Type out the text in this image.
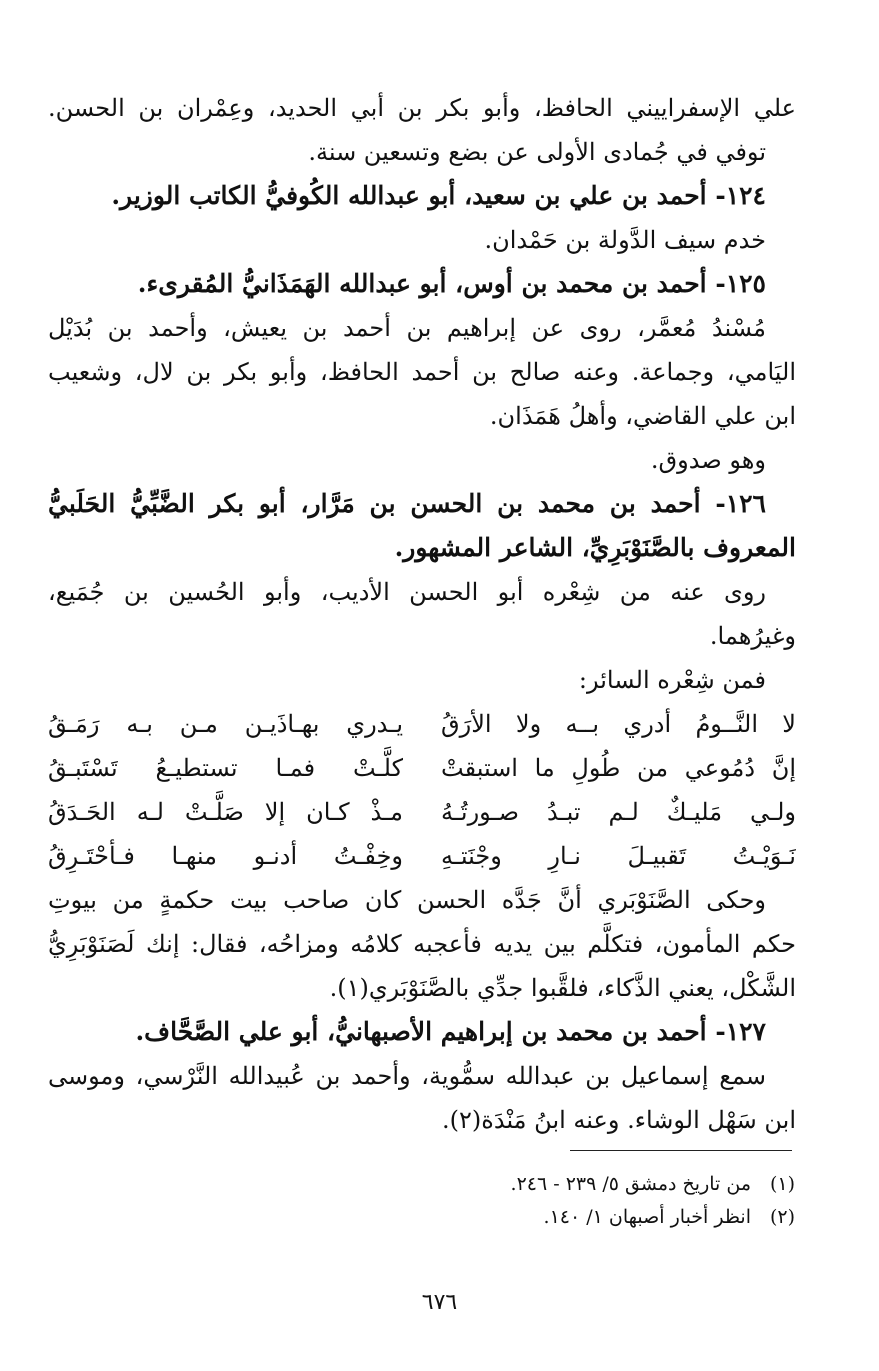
علي الإسفراييني الحافظ، وأبو بكر بن أبي الحديد، وعِمْران بن الحسن.
توفي في جُمادى الأولى عن بضع وتسعين سنة.
١٢٤- أحمد بن علي بن سعيد، أبو عبدالله الكُوفيُّ الكاتب الوزير.
خدم سيف الدَّولة بن حَمْدان.
١٢٥- أحمد بن محمد بن أوس، أبو عبدالله الهَمَذَانيُّ المُقرىء.
مُسْندُ مُعمَّر، روى عن إبراهيم بن أحمد بن يعيش، وأحمد بن بُدَيْل
اليَامي، وجماعة. وعنه صالح بن أحمد الحافظ، وأبو بكر بن لال، وشعيب
ابن علي القاضي، وأهلُ هَمَذَان.
وهو صدوق.
١٢٦- أحمد بن محمد بن الحسن بن مَرَّار، أبو بكر الضَّبِّيُّ الحَلَبيُّ
المعروف بالصَّنَوْبَرِيِّ، الشاعر المشهور.
روى عنه من شِعْره أبو الحسن الأديب، وأبو الحُسين بن جُمَيع،
وغيرُهما.
فمن شِعْره السائر:
لا النَّــومُ أدري بــه ولا الأرَقُ
يـدري بهـاذَيـن مـن بـه رَمَـقُ
إنَّ دُمُوعي من طُولِ ما استبقتْ
كلَّـتْ فمـا تستطيـعُ تَسْتَبـقُ
ولـي مَليـكٌ لـم تبـدُ صـورتُـهُ
مـذْ كـان إلا صَلَّـتْ لـه الحَـدَقُ
نَـوَيْـتُ تَقبيـلَ نـارِ وجْنَتـهِ
وخِفْـتُ أدنـو منهـا فـأحْتَـرِقُ
وحكى الصَّنَوْبَري أنَّ جَدَّه الحسن كان صاحب بيت حكمةٍ من بيوتِ
حكم المأمون، فتكلَّم بين يديه فأعجبه كلامُه ومزاحُه، فقال: إنك لَصَنَوْبَرِيُّ
الشَّكْل، يعني الذَّكاء، فلقَّبوا جدِّي بالصَّنَوْبَري(١).
١٢٧- أحمد بن محمد بن إبراهيم الأصبهانيُّ، أبو علي الصَّحَّاف.
سمع إسماعيل بن عبدالله سمُّوية، وأحمد بن عُبيدالله النَّرْسي، وموسى
ابن سَهْل الوشاء. وعنه ابنُ مَنْدَة(٢).
(١)
من تاريخ دمشق ٥/ ٢٣٩ - ٢٤٦.
(٢)
انظر أخبار أصبهان ١/ ١٤٠.
٦٧٦
